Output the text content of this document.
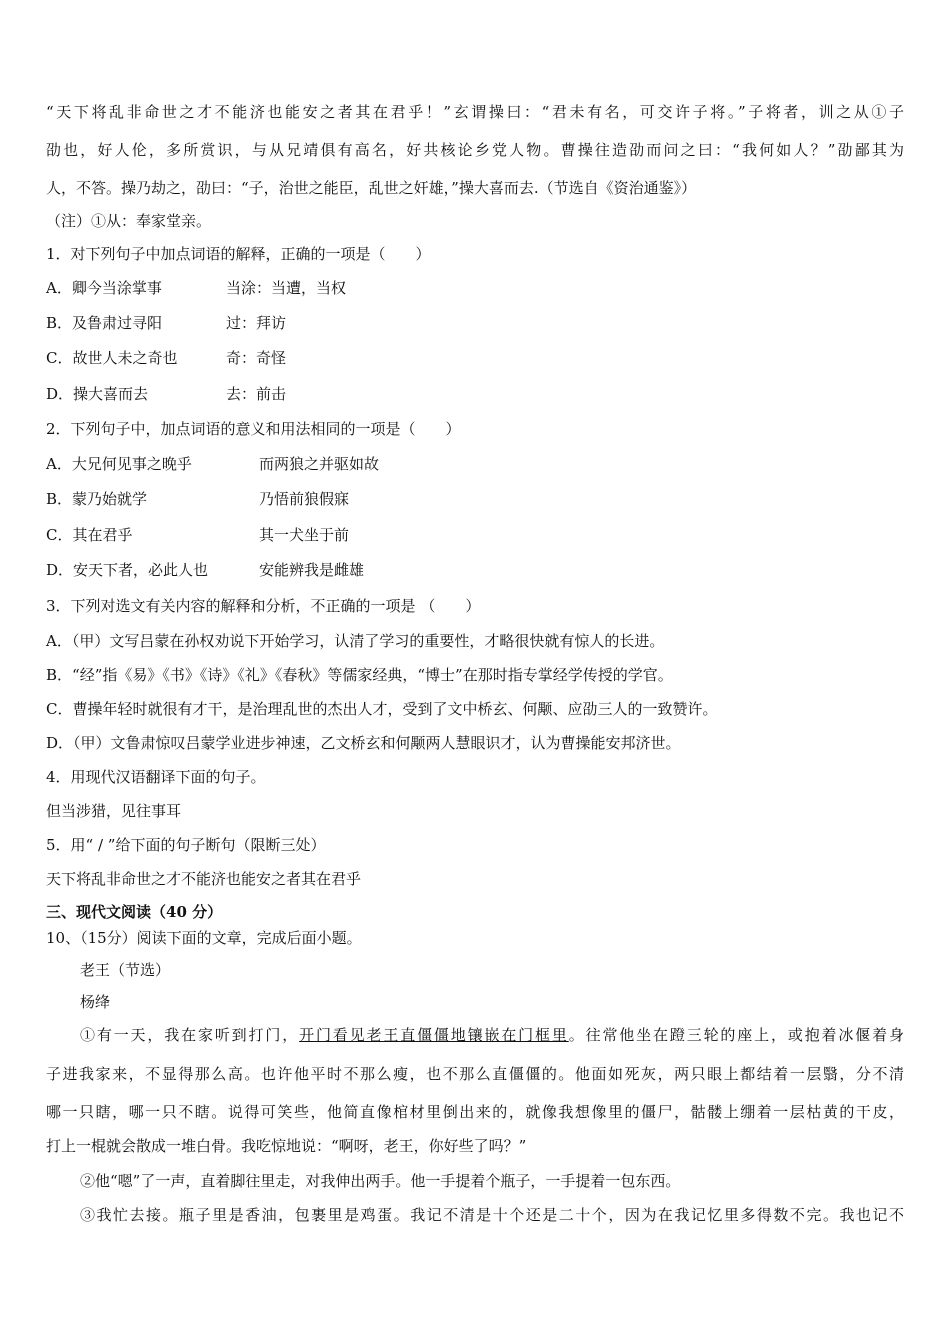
“天下将乱非命世之才不能济也能安之者其在君乎！”玄谓操曰：“君未有名，可交许子将。”子将者，训之从①子
劭也，好人伦，多所赏识，与从兄靖俱有高名，好共核论乡党人物。曹操往造劭而问之曰：“我何如人？”劭鄙其为
人，不答。操乃劫之，劭曰：“子，治世之能臣，乱世之奸雄，”操大喜而去.（节选自《资治通鉴》）
（注）①从：奉家堂亲。
1．对下列句子中加点词语的解释，正确的一项是（　　）
A．卿今当涂掌事	当涂：当遭，当权
B．及鲁肃过寻阳	过：拜访
C．故世人未之奇也	奇：奇怪
D．操大喜而去	去：前击
2．下列句子中，加点词语的意义和用法相同的一项是（　　）
A．大兄何见事之晚乎	而两狼之并驱如故
B．蒙乃始就学	乃悟前狼假寐
C．其在君乎	其一犬坐于前
D．安天下者，必此人也	安能辨我是雌雄
3．下列对选文有关内容的解释和分析，不正确的一项是 （　　）
A．（甲）文写吕蒙在孙权劝说下开始学习，认清了学习的重要性，才略很快就有惊人的长进。
B．“经”指《易》《书》《诗》《礼》《春秋》等儒家经典，“博士”在那时指专掌经学传授的学官。
C．曹操年轻时就很有才干，是治理乱世的杰出人才，受到了文中桥玄、何颙、应劭三人的一致赞许。
D．（甲）文鲁肃惊叹吕蒙学业进步神速，乙文桥玄和何颙两人慧眼识才，认为曹操能安邦济世。
4．用现代汉语翻译下面的句子。
但当涉猎，见往事耳
5．用“ / ”给下面的句子断句（限断三处）
天下将乱非命世之才不能济也能安之者其在君乎
三、现代文阅读（40 分）
10、（15分）阅读下面的文章，完成后面小题。
老王（节选）
杨绛
①有一天，我在家听到打门，开门看见老王直僵僵地镶嵌在门框里。往常他坐在蹬三轮的座上，或抱着冰偃着身
子进我家来，不显得那么高。也许他平时不那么瘦，也不那么直僵僵的。他面如死灰，两只眼上都结着一层翳，分不清
哪一只瞎，哪一只不瞎。说得可笑些，他简直像棺材里倒出来的，就像我想像里的僵尸，骷髅上绷着一层枯黄的干皮，
打上一棍就会散成一堆白骨。我吃惊地说：“啊呀，老王，你好些了吗？”
②他“嗯”了一声，直着脚往里走，对我伸出两手。他一手提着个瓶子，一手提着一包东西。
③我忙去接。瓶子里是香油，包裹里是鸡蛋。我记不清是十个还是二十个，因为在我记忆里多得数不完。我也记不
